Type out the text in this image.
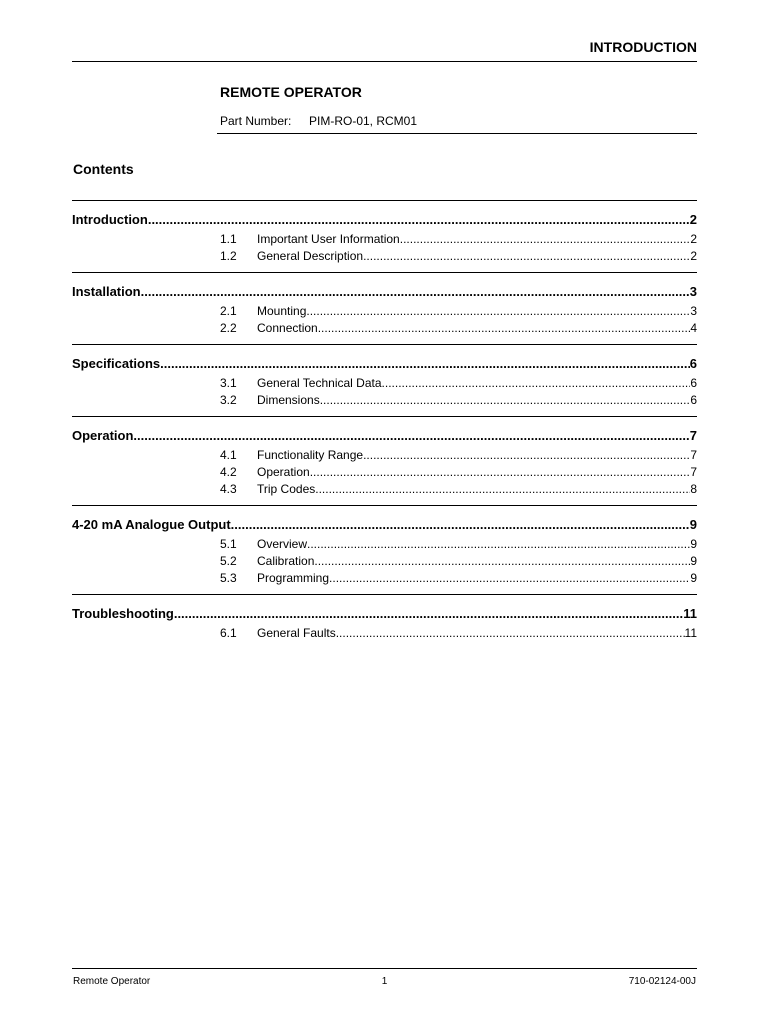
INTRODUCTION
REMOTE OPERATOR
Part Number: PIM-RO-01, RCM01
Contents
Introduction .....	2
1.1	Important User Information .....	2
1.2	General Description .....	2
Installation .....	3
2.1	Mounting .....	3
2.2	Connection .....	4
Specifications .....	6
3.1	General Technical Data .....	6
3.2	Dimensions .....	6
Operation .....	7
4.1	Functionality Range .....	7
4.2	Operation .....	7
4.3	Trip Codes .....	8
4-20 mA Analogue Output .....	9
5.1	Overview .....	9
5.2	Calibration .....	9
5.3	Programming .....	9
Troubleshooting .....	11
6.1	General Faults .....	11
Remote Operator	1	710-02124-00J
